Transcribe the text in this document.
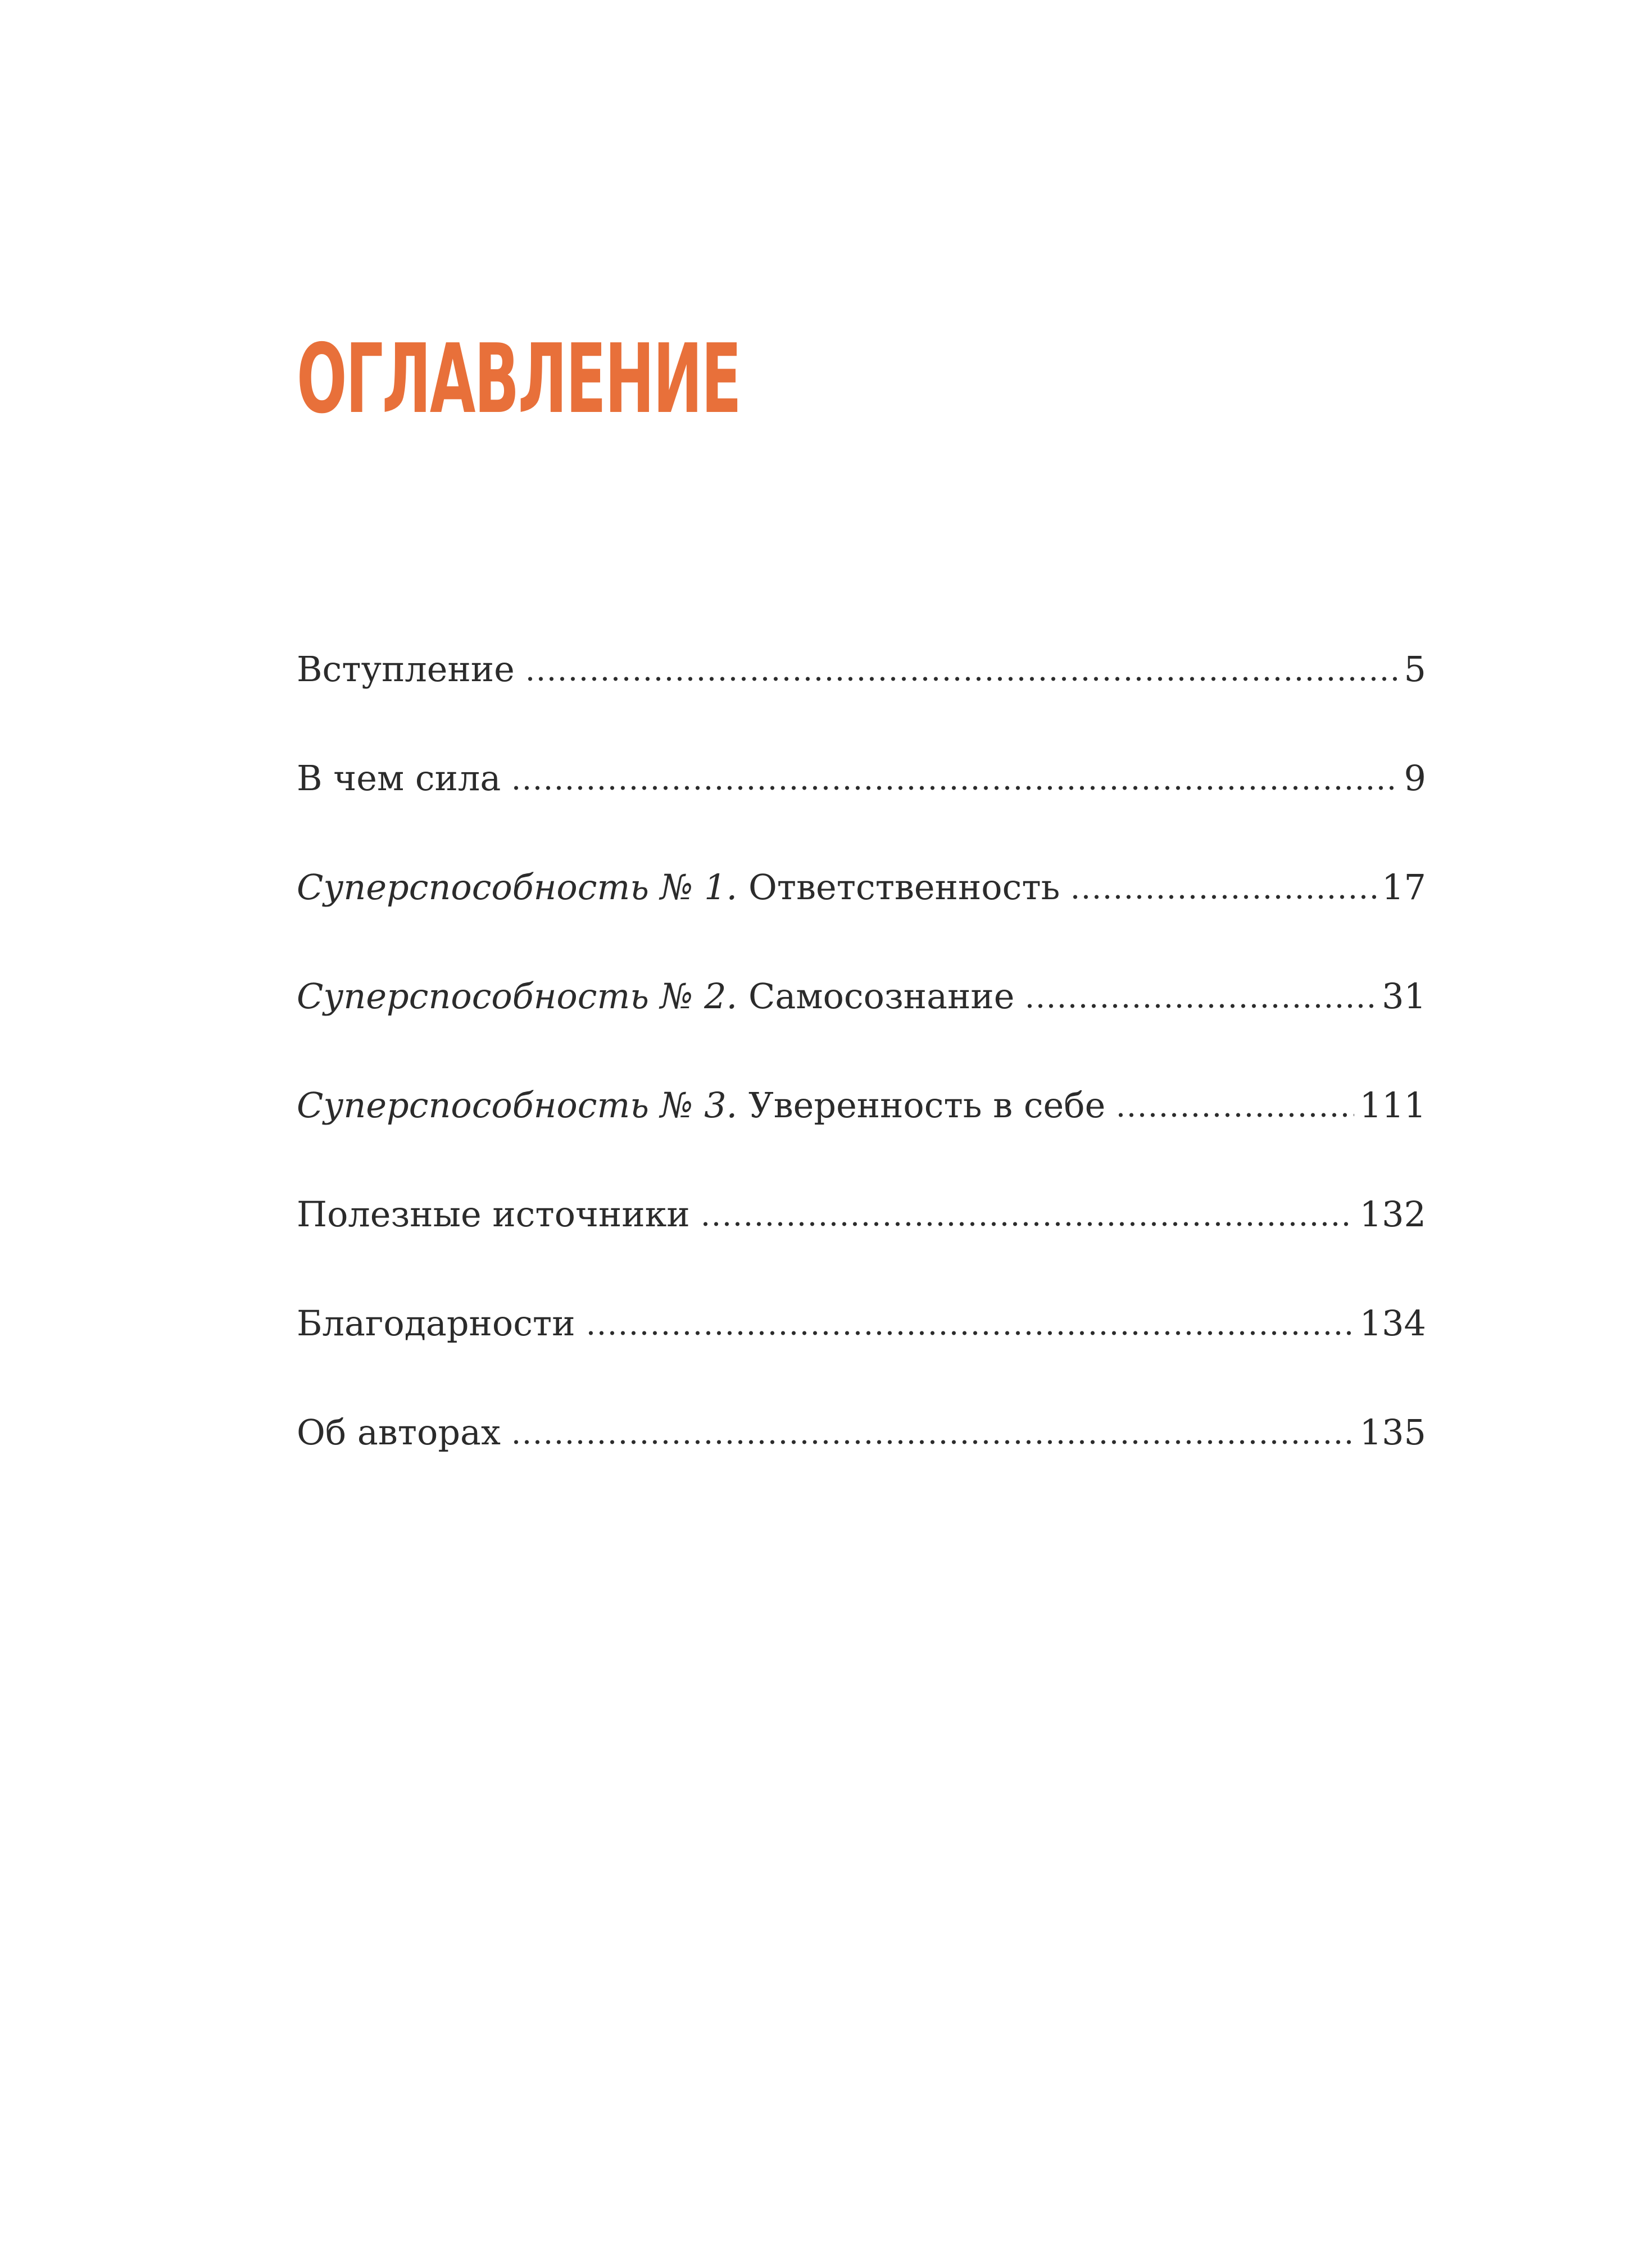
ОГЛАВЛЕНИЕ
Вступление	5
В чем сила	9
Суперспособность № 1. Ответственность	17
Суперспособность № 2. Самосознание	31
Суперспособность № 3. Уверенность в себе	111
Полезные источники	132
Благодарности	134
Об авторах	135
